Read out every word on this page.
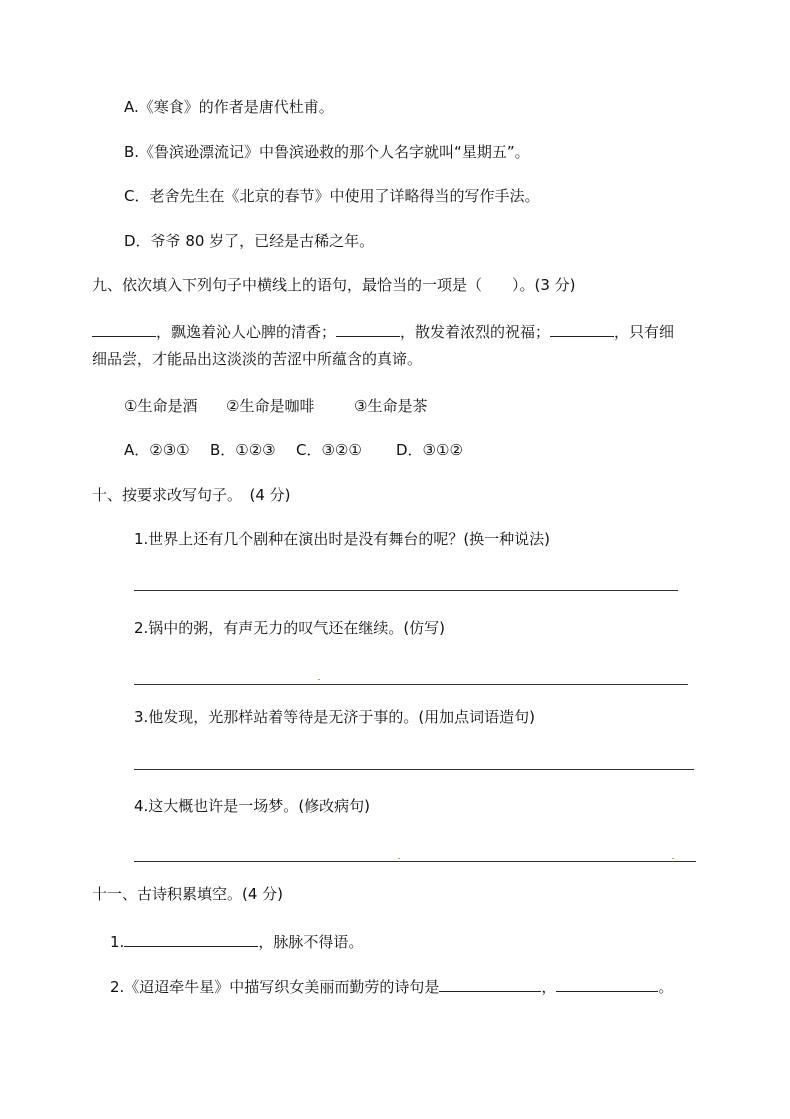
A.《寒食》的作者是唐代杜甫。
B.《鲁滨逊漂流记》中鲁滨逊救的那个人名字就叫“星期五”。
C．老舍先生在《北京的春节》中使用了详略得当的写作手法。
D．爷爷 80 岁了，已经是古稀之年。
九、依次填入下列句子中横线上的语句，最恰当的一项是（　　）。(3 分)
，飘逸着沁人心脾的清香；	，散发着浓烈的祝福；	，只有细
细品尝，才能品出这淡淡的苦涩中所蕴含的真谛。
①生命是酒 ②生命是咖啡	③生命是茶
A．②③① B．①②③ C．③②① D．③①②
十、按要求改写句子。　(4 分)
1.世界上还有几个剧种在演出时是没有舞台的呢？(换一种说法)
2.锅中的粥，有声无力的叹气还在继续。(仿写)
3.他发现，光那样站着等待是无济于事的。(用加点词语造句)
4.这大概也许是一场梦。(修改病句)
十一、古诗积累填空。(4 分)
1.	，脉脉不得语。
2.《迢迢牵牛星》中描写织女美丽而勤劳的诗句是	，	。
